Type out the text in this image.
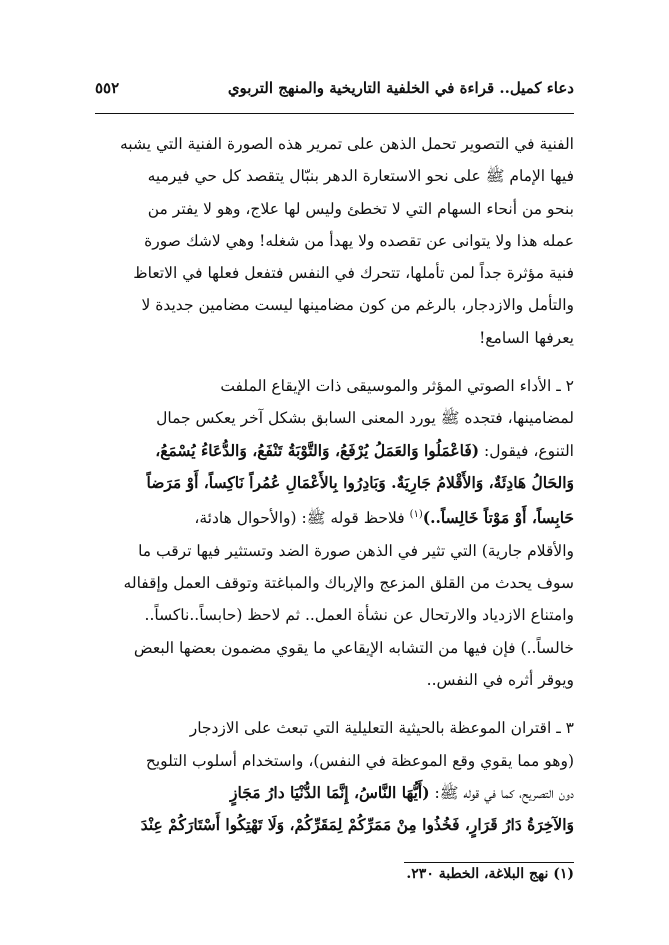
دعاء كميل.. قراءة في الخلفية التاريخية والمنهج التربوي
٥٥٢

الفنية في التصوير تحمل الذهن على تمرير هذه الصورة الفنية التي يشبه
فيها الإمام ﷺ على نحو الاستعارة الدهر بنبّال يتقصد كل حي فيرميه
بنحو من أنحاء السهام التي لا تخطئ وليس لها علاج، وهو لا يفتر من
عمله هذا ولا يتوانى عن تقصده ولا يهدأ من شغله! وهي لاشك صورة
فنية مؤثرة جداً لمن تأملها، تتحرك في النفس فتفعل فعلها في الاتعاظ
والتأمل والازدجار، بالرغم من كون مضامينها ليست مضامين جديدة لا
يعرفها السامع!

٢ ـ الأداء الصوتي المؤثر والموسيقى ذات الإيقاع الملفت
لمضامينها، فتجده ﷺ يورد المعنى السابق بشكل آخر يعكس جمال
التنوع، فيقول: (فَاعْمَلُوا وَالعَمَلُ يُرْفَعُ، وَالتَّوْبَةُ تَنْفَعُ، وَالدُّعَاءُ يُسْمَعُ،
وَالحَالُ هَادِئَةٌ، وَالأَقْلامُ جَارِيَةٌ. وَبَادِرُوا بِالأَعْمَالِ عُمُراً نَاكِساً، أَوْ مَرَضاً
حَابِساً، أَوْ مَوْتاً خَالِساً..)$^{(١)}$ فلاحظ قوله ﷺ: (والأحوال هادئة،
والأقلام جارية) التي تثير في الذهن صورة الضد وتستثير فيها ترقب ما
سوف يحدث من القلق المزعج والإرباك والمباغتة وتوقف العمل وإقفاله
وامتناع الازدياد والارتحال عن نشأة العمل.. ثم لاحظ (حابساً..ناكساً..
خالساً..) فإن فيها من التشابه الإيقاعي ما يقوي مضمون بعضها البعض
ويوقر أثره في النفس..

٣ ـ اقتران الموعظة بالحيثية التعليلية التي تبعث على الازدجار
(وهو مما يقوي وقع الموعظة في النفس)، واستخدام أسلوب التلويح
دون التصريح، كما في قوله ﷺ: (أَيُّهَا النَّاسُ، إِنَّمَا الدُّنْيَا دارُ مَجَازٍ
وَالآخِرَةُ دَارُ قَرَارٍ، فَخُذُوا مِنْ مَمَرِّكُمْ لِمَقَرِّكُمْ، وَلَا تَهْتِكُوا أَسْتَارَكُمْ عِنْدَ

(١) نهج البلاغة، الخطبة ٢٣٠.
